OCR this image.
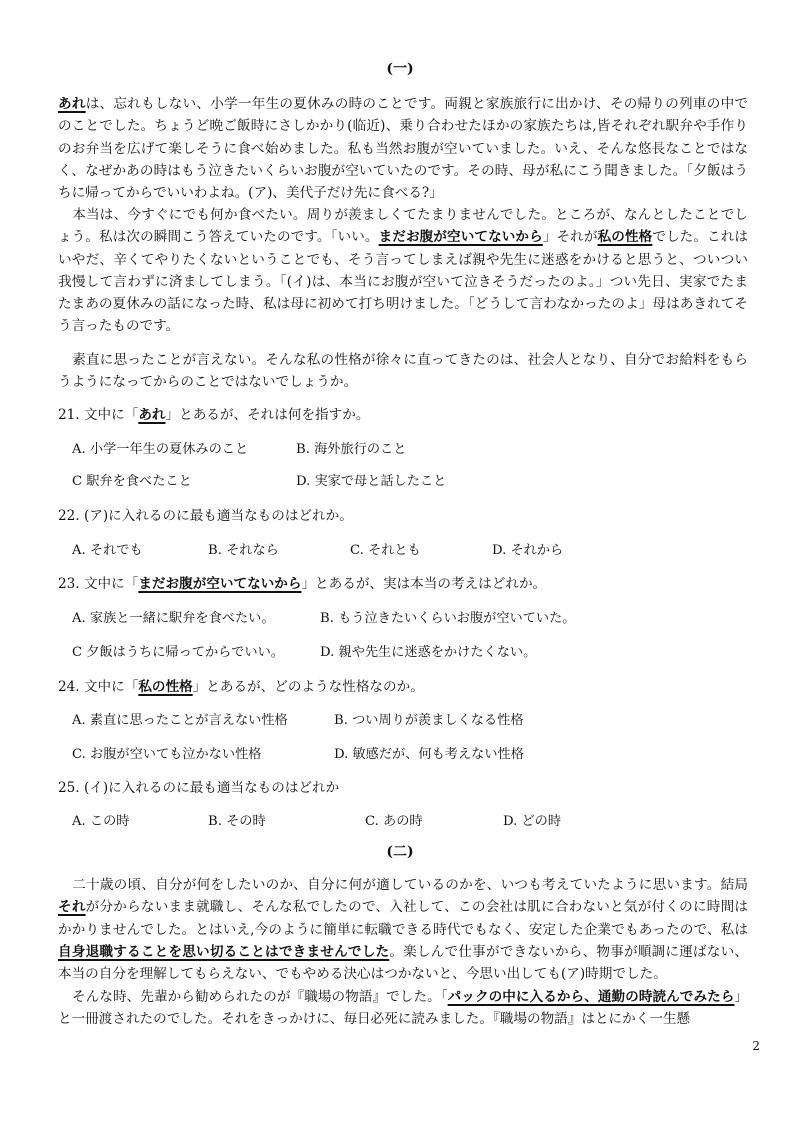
(一)
あれは、忘れもしない、小学一年生の夏休みの時のことです。両親と家族旅行に出かけ、その帰りの列車の中でのことでした。ちょうど晩ご飯時にさしかかり(临近)、乗り合わせたほかの家族たちは,皆それぞれ駅弁や手作りのお弁当を広げて楽しそうに食べ始めました。私も当然お腹が空いていました。いえ、そんな悠長なことではなく、なぜかあの時はもう泣きたいくらいお腹が空いていたのです。その時、母が私にこう聞きました。「夕飯はうちに帰ってからでいいわよね。(ア)、美代子だけ先に食べる?」
本当は、今すぐにでも何か食べたい。周りが羨ましくてたまりませんでした。ところが、なんとしたことでしょう。私は次の瞬間こう答えていたのです。「いい。まだお腹が空いてないから」それが私の性格でした。これはいやだ、辛くてやりたくないということでも、そう言ってしまえば親や先生に迷惑をかけると思うと、ついつい我慢して言わずに済ましてしまう。「(イ)は、本当にお腹が空いて泣きそうだったのよ。」つい先日、実家でたまたまあの夏休みの話になった時、私は母に初めて打ち明けました。「どうして言わなかったのよ」母はあきれてそう言ったものです。
素直に思ったことが言えない。そんな私の性格が徐々に直ってきたのは、社会人となり、自分でお給料をもらうようになってからのことではないでしょうか。
21. 文中に「あれ」とあるが、それは何を指すか。
A. 小学一年生の夏休みのこと	B. 海外旅行のこと
C 駅弁を食べたこと	D. 実家で母と話したこと
22. (ア)に入れるのに最も適当なものはどれか。
A. それでも	B. それなら	C. それとも	D. それから
23. 文中に「まだお腹が空いてないから」とあるが、実は本当の考えはどれか。
A. 家族と一緒に駅弁を食べたい。	B. もう泣きたいくらいお腹が空いていた。
C 夕飯はうちに帰ってからでいい。	D. 親や先生に迷惑をかけたくない。
24. 文中に「私の性格」とあるが、どのような性格なのか。
A. 素直に思ったことが言えない性格	B. つい周りが羨ましくなる性格
C. お腹が空いても泣かない性格	D. 敏感だが、何も考えない性格
25. (イ)に入れるのに最も適当なものはどれか
A. この時	B. その時	C. あの時	D. どの時
(二)
二十歳の頃、自分が何をしたいのか、自分に何が適しているのかを、いつも考えていたように思います。結局それが分からないまま就職し、そんな私でしたので、入社して、この会社は肌に合わないと気が付くのに時間はかかりませんでした。とはいえ,今のように簡単に転職できる時代でもなく、安定した企業でもあったので、私は自身退職することを思い切ることはできませんでした。楽しんで仕事ができないから、物事が順調に運ばない、本当の自分を理解してもらえない、でもやめる決心はつかないと、今思い出しても(ア)時期でした。
そんな時、先輩から勧められたのが『職場の物語』でした。「パックの中に入るから、通勤の時読んでみたら」と一冊渡されたのでした。それをきっかけに、毎日必死に読みました。『職場の物語』はとにかく一生懸
2
